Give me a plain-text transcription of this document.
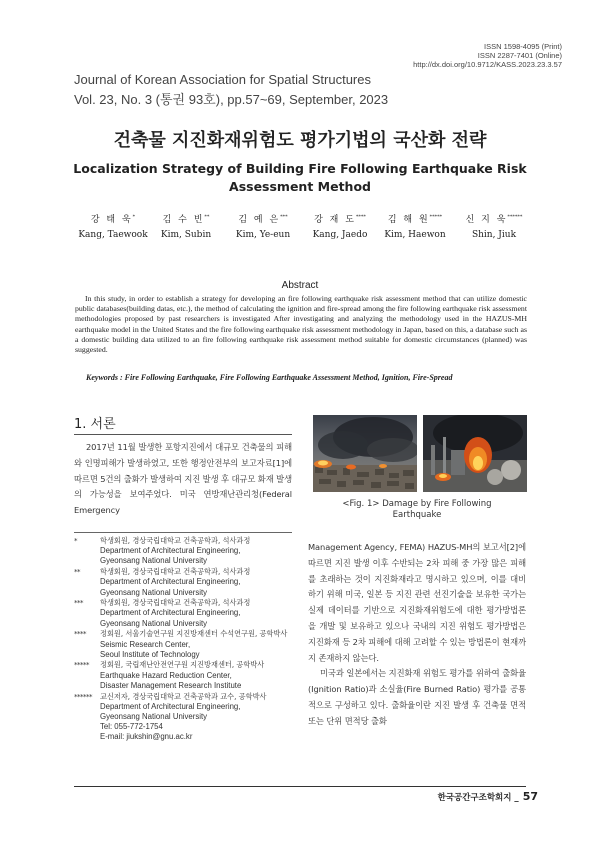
ISSN 1598-4095 (Print)
ISSN 2287-7401 (Online)
http://dx.doi.org/10.9712/KASS.2023.23.3.57
Journal of Korean Association for Spatial Structures
Vol. 23, No. 3 (통권 93호), pp.57~69, September, 2023
건축물 지진화재위험도 평가기법의 국산화 전략
Localization Strategy of Building Fire Following Earthquake Risk Assessment Method
강 태 욱*
Kang, Taewook
김 수 빈**
Kim, Subin
김 예 은***
Kim, Ye-eun
강 재 도****
Kang, Jaedo
김 해 원*****
Kim, Haewon
신 지 욱******
Shin, Jiuk
Abstract
In this study, in order to establish a strategy for developing an fire following earthquake risk assessment method that can utilize domestic public databases(building datas, etc.), the method of calculating the ignition and fire-spread among the fire following earthquake risk assessment methodologies proposed by past researchers is investigated After investigating and analyzing the methodology used in the HAZUS-MH earthquake model in the United States and the fire following earthquake risk assessment methodology in Japan, based on this, a database such as a domestic building data utilized to an fire following earthquake risk assessment method suitable for domestic circumstances (planned) was suggested.
Keywords : Fire Following Earthquake, Fire Following Earthquake Assessment Method, Ignition, Fire-Spread
1. 서론
2017년 11월 발생한 포항지진에서 대규모 건축물의 피해와 인명피해가 발생하였고, 또한 행정안전부의 보고자료[1]에 따르면 5건의 출화가 발생하여 지진 발생 후 대규모 화재 발생의 가능성을 보여주었다. 미국 연방재난관리청(Federal Emergency
*	학생회원, 경상국립대학교 건축공학과, 석사과정
Department of Architectural Engineering,
Gyeonsang National University
**	학생회원, 경상국립대학교 건축공학과, 석사과정
Department of Architectural Engineering,
Gyeonsang National University
***	학생회원, 경상국립대학교 건축공학과, 석사과정
Department of Architectural Engineering,
Gyeonsang National University
****	정회원, 서울기술연구원 지진방재센터 수석연구원, 공학박사
Seismic Research Center,
Seoul Institute of Technology
*****	정회원, 국립재난안전연구원 지진방재센터, 공학박사
Earthquake Hazard Reduction Center,
Disaster Management Research Institute
******	교신저자, 경상국립대학교 건축공학과 교수, 공학박사
Department of Architectural Engineering,
Gyeonsang National University
Tel: 055-772-1754
E-mail: jiukshin@gnu.ac.kr
<Fig. 1> Damage by Fire Following
Earthquake

Management Agency, FEMA) HAZUS-MH의 보고서[2]에 따르면 지진 발생 이후 수반되는 2차 피해 중 가장 많은 피해를 초래하는 것이 지진화재라고 명시하고 있으며, 이를 대비하기 위해 미국, 일본 등 지진 관련 선진기술을 보유한 국가는 실제 데이터를 기반으로 지진화재위험도에 대한 평가방법론을 개발 및 보유하고 있으나 국내의 지진 위험도 평가방법은 지진화재 등 2차 피해에 대해 고려할 수 있는 방법론이 현재까지 존재하지 않는다.

미국과 일본에서는 지진화재 위험도 평가를 위하여 출화율(Ignition Ratio)과 소실율(Fire Burned Ratio) 평가를 공통적으로 구성하고 있다. 출화율이란 지진 발생 후 건축물 면적 또는 단위 면적당 출화

한국공간구조학회지 _ 57
